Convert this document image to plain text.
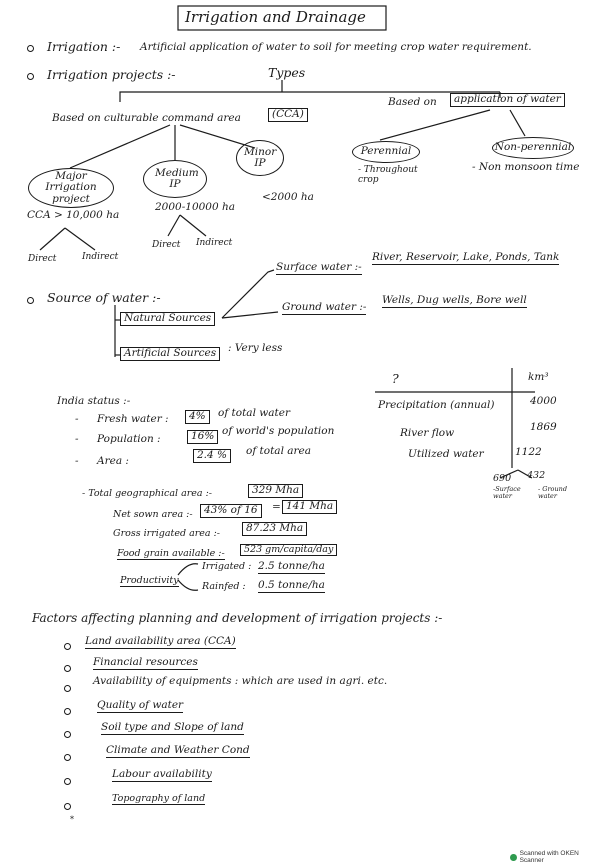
Irrigation and Drainage
Irrigation :- Artificial application of water to soil for meeting crop water requirement.
Irrigation projects :-	Types
Based on culturable command area	(CCA)
Based on	application of water
Major Irrigation project
CCA > 10,000 ha
Direct	Indirect
Medium IP
2000-10000 ha
Direct Indirect
Minor IP
<2000 ha
Perennial
- Throughout crop
Non-perennial
- Non monsoon time
Source of water :-
Natural Sources
Artificial Sources	: Very less
Surface water :-
River, Reservoir, Lake, Ponds, Tank
Ground water :-
Wells, Dug wells, Bore well
India status :-
- Fresh water :	4%	of total water
- Population :	16% of world's population
- Area :	2.4 %	of total area
- Total geographical area :-	329 Mha
Net sown area :-	43% of 16	= 141 Mha
Gross irrigated area :-	87.23 Mha
Food grain available :-	523 gm/capita/day
Productivity
Irrigated : 2.5 tonne/ha
Rainfed : 0.5 tonne/ha
?	km³
Precipitation (annual)	4000
River flow	1869
Utilized water	1122
690 432
-Surface water
- Ground water
Factors affecting planning and development of irrigation projects :-
Land availability area (CCA)
Financial resources
Availability of equipments : which are used in agri. etc.
Quality of water
Soil type and Slope of land
Climate and Weather Cond
Labour availability
Topography of land
*
Scanned with OKEN Scanner
